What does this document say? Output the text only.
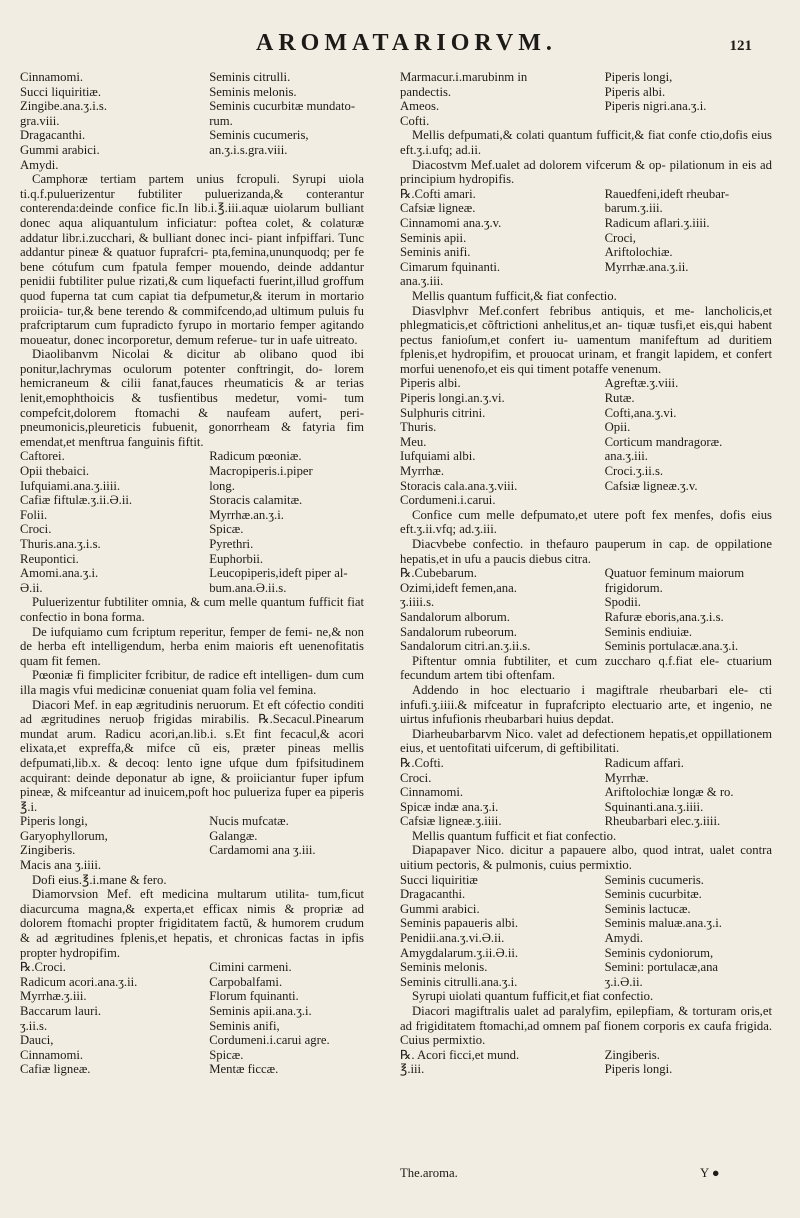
AROMATARIORVM.	121
Cinnamomi.	Seminis citrulli.
Succi liquiritiæ.	Seminis melonis.
Zingibe.ana.ʒ.i.s.	Seminis cucurbitæ mundato-
gra.viii.	rum.
Dragacanthi.	Seminis cucumeris,
Gummi arabici.	an.ʒ.i.s.gra.viii.
Amydi.

Camphoræ tertiam partem unius fcropuli. Syrupi uiola ti.q.f.puluerizentur fubtiliter puluerizanda,& conterantur conterenda:deinde confice fic.In lib.i.℥.iii.aquæ uiolarum bulliant donec aqua aliquantulum inficiatur: poftea colet, & colaturæ addatur libr.i.zucchari, & bulliant donec inci- piant infpiffari. Tunc addantur pineæ & quatuor fuprafcri- pta,femina,ununquodq; per fe bene cótufum cum fpatula femper mouendo, deinde addantur penidii fubtiliter pulue rizati,& cum liquefacti fuerint,illud groffum quod fuperna tat cum capiat tia defpumetur,& iterum in mortario proiicia- tur,& bene terendo & commifcendo,ad ultimum puluis fu prafcriptarum cum fupradicto fyrupo in mortario femper agitando moueatur, donec incorporetur, demum referue- tur in uafe uitreato.

Diaolibanvm Nicolai & dicitur ab olibano quod ibi ponitur,lachrymas oculorum potenter conftringit, do- lorem hemicraneum & cilii fanat,fauces rheumaticis & ar terias lenit,emophthoicis & tusfientibus medetur, vomi- tum compefcit,dolorem ftomachi & naufeam aufert, peri- pneumonicis,pleureticis fubuenit, gonorrheam & fatyria fim emendat,et menftrua fanguinis fiftit.

Caftorei.	Radicum pœoniæ.
Opii thebaici.	Macropiperis.i.piper
Iufquiami.ana.ʒ.iiii.	long.
Cafiæ fiftulæ.ʒ.ii.Ə.ii.	Storacis calamitæ.
Folii.	Myrrhæ.an.ʒ.i.
Croci.	Spicæ.
Thuris.ana.ʒ.i.s.	Pyrethri.
Reupontici.	Euphorbii.
Amomi.ana.ʒ.i.	Leucopiperis,ideft piper al-
Ə.ii.	bum.ana.Ə.ii.s.

Puluerizentur fubtiliter omnia, & cum melle quantum fufficit fiat confectio in bona forma.

De iufquiamo cum fcriptum reperitur, femper de femi- ne,& non de herba eft intelligendum, herba enim maioris eft uenenofitatis quam fit femen.

Pœoniæ fi fimpliciter fcribitur, de radice eft intelligen- dum cum illa magis vfui medicinæ conueniat quam folia vel femina.

Diacori Mef. in eap ægritudinis neruorum. Et eft cófectio conditi ad ægritudines neruoϸ frigidas mirabilis. ℞.Secacul.Pinearum mundat arum. Radicu acori,an.lib.i. s.Et fint fecacul,& acori elixata,et expreffa,& mifce cũ eis, præter pineas mellis defpumati,lib.x. & decoq: lento igne ufque dum fpifsitudinem acquirant: deinde deponatur ab igne, & proiiciantur fuper ipfum pineæ, & mifceantur ad inuicem,poft hoc pulueriza fuper ea piperis ℥.i.

Piperis longi,	Nucis mufcatæ.
Garyophyllorum,	Galangæ.
Zingiberis.	Cardamomi ana ʒ.iii.
Macis ana ʒ.iiii.

Dofi eius.℥.i.mane & fero.

Diamorvsion Mef. eft medicina multarum utilita- tum,ficut diacurcuma magna,& experta,et efficax nimis & propriæ ad dolorem ftomachi propter frigiditatem factũ, & humorem crudum & ad ægritudines fplenis,et hepatis, et chronicas factas in ipfis propter hydropifim.

℞.Croci.	Cimini carmeni.
Radicum acori.ana.ʒ.ii.	Carpobalfami.
Myrrhæ.ʒ.iii.	Florum fquinanti.
Baccarum lauri.	Seminis apii.ana.ʒ.i.
ʒ.ii.s.	Seminis anifi,
Dauci,	Cordumeni.i.carui agre.
Cinnamomi.	Spicæ.
Cafiæ ligneæ.	Mentæ ficcæ.
Marmacur.i.marubinm in	Piperis longi,
pandectis.	Piperis albi.
Ameos.	Piperis nigri.ana.ʒ.i.
Cofti.

Mellis defpumati,& colati quantum fufficit,& fiat confe ctio,dofis eius eft.ʒ.i.ufq; ad.ii.

Diacostvm Mef.ualet ad dolorem vifcerum & op- pilationum in eis ad principium hydropifis.

℞.Cofti amari.	Rauedfeni,ideft rheubar-
Cafsiæ ligneæ.	barum.ʒ.iii.
Cinnamomi ana.ʒ.v.	Radicum aflari.ʒ.iiii.
Seminis apii.	Croci,
Seminis anifi.	Ariftolochiæ.
Cimarum fquinanti.	Myrrhæ.ana.ʒ.ii.
ana.ʒ.iii.

Mellis quantum fufficit,& fiat confectio.

Diasvlphvr Mef.confert febribus antiquis, et me- lancholicis,et phlegmaticis,et cõftrictioni anhelitus,et an- tiquæ tusfi,et eis,qui habent pectus fanioſum,et confert iu- uamentum manifeftum ad duritiem fplenis,et hydropifim, et prouocat urinam, et frangit lapidem, et confert morfui uenenofo,et eis qui timent potaffe venenum.

Piperis albi.	Agreftæ.ʒ.viii.
Piperis longi.an.ʒ.vi.	Rutæ.
Sulphuris citrini.	Cofti,ana.ʒ.vi.
Thuris.	Opii.
Meu.	Corticum mandragoræ.
Iufquiami albi.	ana.ʒ.iii.
Myrrhæ.	Croci.ʒ.ii.s.
Storacis cala.ana.ʒ.viii.	Cafsiæ ligneæ.ʒ.v.
Cordumeni.i.carui.

Confice cum melle defpumato,et utere poft fex menfes, dofis eius eft.ʒ.ii.vfq; ad.ʒ.iii.

Diacvbebe confectio. in thefauro pauperum in cap. de oppilatione hepatis,et in ufu a paucis diebus citra.

℞.Cubebarum.	Quatuor feminum maiorum
Ozimi,ideft femen,ana.	frigidorum.
ʒ.iiii.s.	Spodii.
Sandalorum alborum.	Rafuræ eboris,ana.ʒ.i.s.
Sandalorum rubeorum.	Seminis endiuiæ.
Sandalorum citri.an.ʒ.ii.s.	Seminis portulacæ.ana.ʒ.i.

Piftentur omnia fubtiliter, et cum zuccharo q.f.fiat ele- ctuarium fecundum artem tibi oftenfam.

Addendo in hoc electuario i magiftrale rheubarbari ele- cti infufi.ʒ.iiii.& mifceatur in fuprafcripto electuario arte, et ingenio, ne uirtus infufionis rheubarbari huius depdat.

Diarheubarbarvm Nico. valet ad defectionem hepatis,et oppillationem eius, et uentofitati uifcerum, di geftibilitati.

℞.Cofti.	Radicum affari.
Croci.	Myrrhæ.
Cinnamomi.	Ariftolochiæ longæ & ro.
Spicæ indæ ana.ʒ.i.	Squinanti.ana.ʒ.iiii.
Cafsiæ ligneæ.ʒ.iiii.	Rheubarbari elec.ʒ.iiii.

Mellis quantum fufficit et fiat confectio.

Diapapaver Nico. dicitur a papauere albo, quod intrat, ualet contra uitium pectoris, & pulmonis, cuius permixtio.

Succi liquiritiæ	Seminis cucumeris.
Dragacanthi.	Seminis cucurbitæ.
Gummi arabici.	Seminis lactucæ.
Seminis papaueris albi.	Seminis maluæ.ana.ʒ.i.
Penidii.ana.ʒ.vi.Ə.ii.	Amydi.
Amygdalarum.ʒ.ii.Ə.ii.	Seminis cydoniorum,
Seminis melonis.	Semini: portulacæ,ana
Seminis citrulli.ana.ʒ.i.	ʒ.i.Ə.ii.

Syrupi uiolati quantum fufficit,et fiat confectio.

Diacori magiftralis ualet ad paralyfim, epilepfiam, & torturam oris,et ad frigiditatem ftomachi,ad omnem paſ fionem corporis ex caufa frigida. Cuius permixtio.

℞. Acori ficci,et mund.	Zingiberis.
℥.iii.	Piperis longi.
The.aroma.	Y ●
